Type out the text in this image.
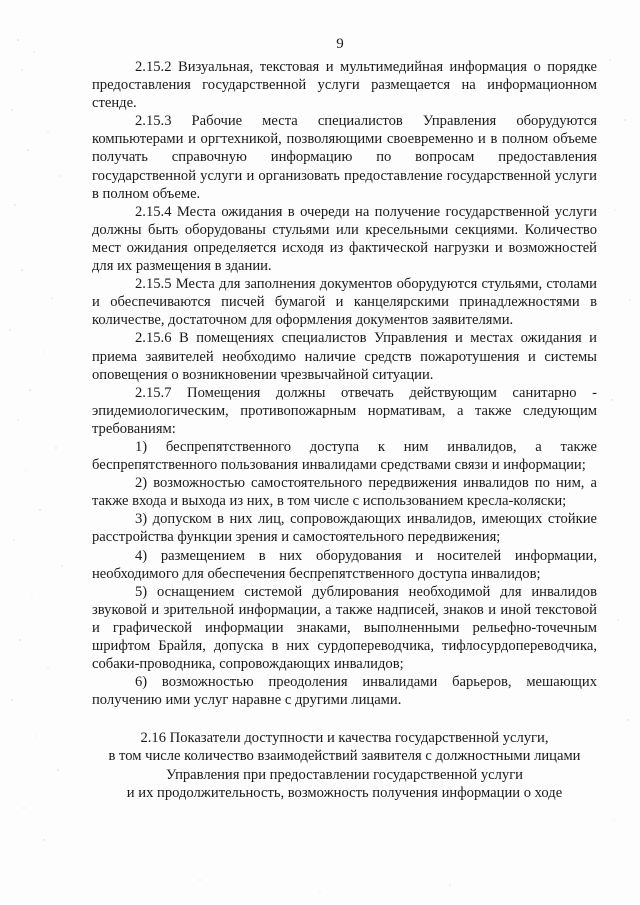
9

2.15.2 Визуальная, текстовая и мультимедийная информация о порядке предоставления государственной услуги размещается на информационном стенде.

2.15.3 Рабочие места специалистов Управления оборудуются компьютерами и оргтехникой, позволяющими своевременно и в полном объеме получать справочную информацию по вопросам предоставления государственной услуги и организовать предоставление государственной услуги в полном объеме.

2.15.4 Места ожидания в очереди на получение государственной услуги должны быть оборудованы стульями или кресельными секциями. Количество мест ожидания определяется исходя из фактической нагрузки и возможностей для их размещения в здании.

2.15.5 Места для заполнения документов оборудуются стульями, столами и обеспечиваются писчей бумагой и канцелярскими принадлежностями в количестве, достаточном для оформления документов заявителями.

2.15.6 В помещениях специалистов Управления и местах ожидания и приема заявителей необходимо наличие средств пожаротушения и системы оповещения о возникновении чрезвычайной ситуации.

2.15.7 Помещения должны отвечать действующим санитарно - эпидемиологическим, противопожарным нормативам, а также следующим требованиям:

1) беспрепятственного доступа к ним инвалидов, а также беспрепятственного пользования инвалидами средствами связи и информации;

2) возможностью самостоятельного передвижения инвалидов по ним, а также входа и выхода из них, в том числе с использованием кресла-коляски;

3) допуском в них лиц, сопровождающих инвалидов, имеющих стойкие расстройства функции зрения и самостоятельного передвижения;

4) размещением в них оборудования и носителей информации, необходимого для обеспечения беспрепятственного доступа инвалидов;

5) оснащением системой дублирования необходимой для инвалидов звуковой и зрительной информации, а также надписей, знаков и иной текстовой и графической информации знаками, выполненными рельефно-точечным шрифтом Брайля, допуска в них сурдопереводчика, тифлосурдопереводчика, собаки-проводника, сопровождающих инвалидов;

6) возможностью преодоления инвалидами барьеров, мешающих получению ими услуг наравне с другими лицами.

2.16 Показатели доступности и качества государственной услуги,
в том числе количество взаимодействий заявителя с должностными лицами
Управления при предоставлении государственной услуги
и их продолжительность, возможность получения информации о ходе
